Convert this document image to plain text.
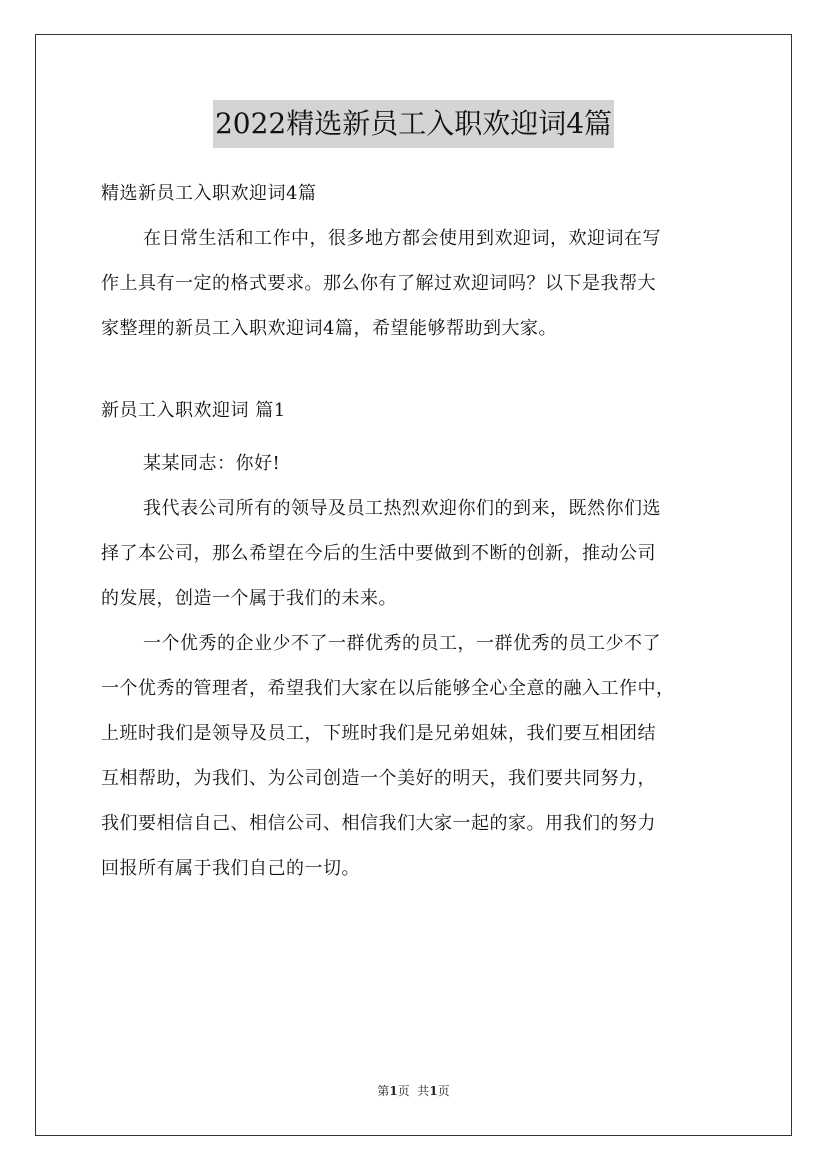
2022精选新员工入职欢迎词4篇
精选新员工入职欢迎词4篇
在日常生活和工作中，很多地方都会使用到欢迎词，欢迎词在写
作上具有一定的格式要求。那么你有了解过欢迎词吗？以下是我帮大
家整理的新员工入职欢迎词4篇，希望能够帮助到大家。
新员工入职欢迎词 篇1
某某同志：你好!
我代表公司所有的领导及员工热烈欢迎你们的到来，既然你们选
择了本公司，那么希望在今后的生活中要做到不断的创新，推动公司
的发展，创造一个属于我们的未来。
一个优秀的企业少不了一群优秀的员工，一群优秀的员工少不了
一个优秀的管理者，希望我们大家在以后能够全心全意的融入工作中，
上班时我们是领导及员工，下班时我们是兄弟姐妹，我们要互相团结
互相帮助，为我们、为公司创造一个美好的明天，我们要共同努力，
我们要相信自己、相信公司、相信我们大家一起的家。用我们的努力
回报所有属于我们自己的一切。
第1页  共1页
